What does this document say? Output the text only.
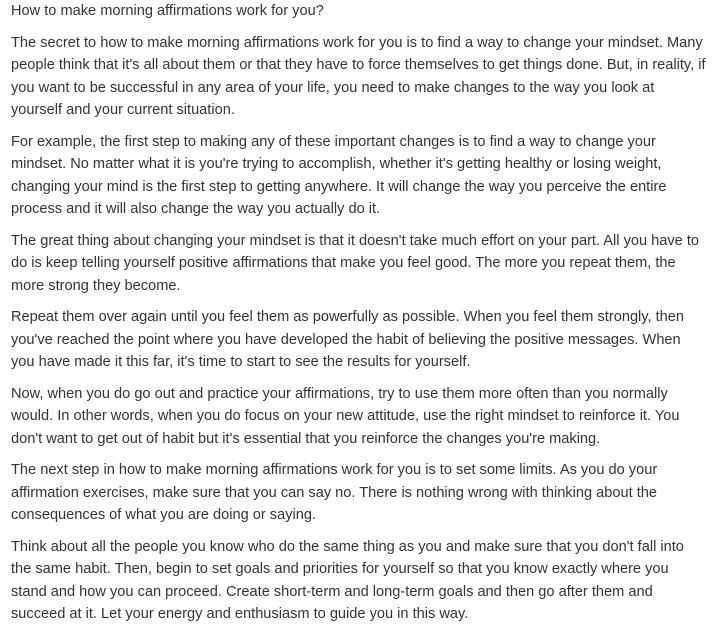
How to make morning affirmations work for you?

The secret to how to make morning affirmations work for you is to find a way to change your mindset. Many people think that it's all about them or that they have to force themselves to get things done. But, in reality, if you want to be successful in any area of your life, you need to make changes to the way you look at yourself and your current situation.

For example, the first step to making any of these important changes is to find a way to change your mindset. No matter what it is you're trying to accomplish, whether it's getting healthy or losing weight, changing your mind is the first step to getting anywhere. It will change the way you perceive the entire process and it will also change the way you actually do it.

The great thing about changing your mindset is that it doesn't take much effort on your part. All you have to do is keep telling yourself positive affirmations that make you feel good. The more you repeat them, the more strong they become.

Repeat them over again until you feel them as powerfully as possible. When you feel them strongly, then you've reached the point where you have developed the habit of believing the positive messages. When you have made it this far, it's time to start to see the results for yourself.

Now, when you do go out and practice your affirmations, try to use them more often than you normally would. In other words, when you do focus on your new attitude, use the right mindset to reinforce it. You don't want to get out of habit but it's essential that you reinforce the changes you're making.

The next step in how to make morning affirmations work for you is to set some limits. As you do your affirmation exercises, make sure that you can say no. There is nothing wrong with thinking about the consequences of what you are doing or saying.

Think about all the people you know who do the same thing as you and make sure that you don't fall into the same habit. Then, begin to set goals and priorities for yourself so that you know exactly where you stand and how you can proceed. Create short-term and long-term goals and then go after them and succeed at it. Let your energy and enthusiasm to guide you in this way.
